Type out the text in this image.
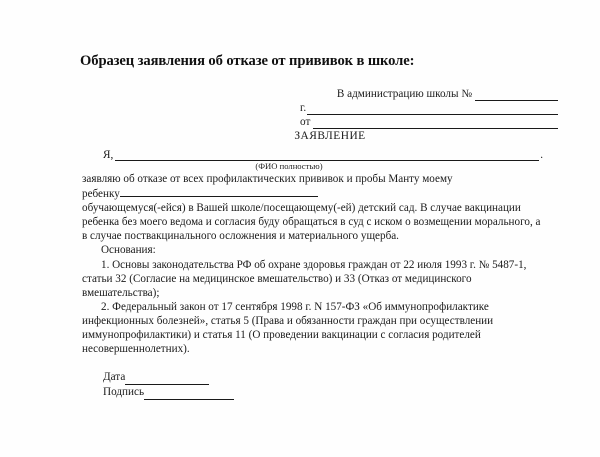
Образец заявления об отказе от прививок в школе:
В администрацию школы №
г.
от
ЗАЯВЛЕНИЕ
Я,	.
(ФИО полностью)

заявляю об отказе от всех профилактических прививок и пробы Манту моему

ребенку

обучающемуся(-ейся) в Вашей школе/посещающему(-ей) детский сад. В случае вакцинации ребенка без моего ведома и согласия буду обращаться в суд с иском о возмещении морального, а в случае поствакцинального осложнения и материального ущерба.

Основания:

1. Основы законодательства РФ об охране здоровья граждан от 22 июля 1993 г. № 5487-1, статьи 32 (Согласие на медицинское вмешательство) и 33 (Отказ от медицинского вмешательства);

2. Федеральный закон от 17 сентября 1998 г. N 157-ФЗ «Об иммунопрофилактике инфекционных болезней», статья 5 (Права и обязанности граждан при осуществлении иммунопрофилактики) и статья 11 (О проведении вакцинации с согласия родителей несовершеннолетних).

Дата
Подпись
